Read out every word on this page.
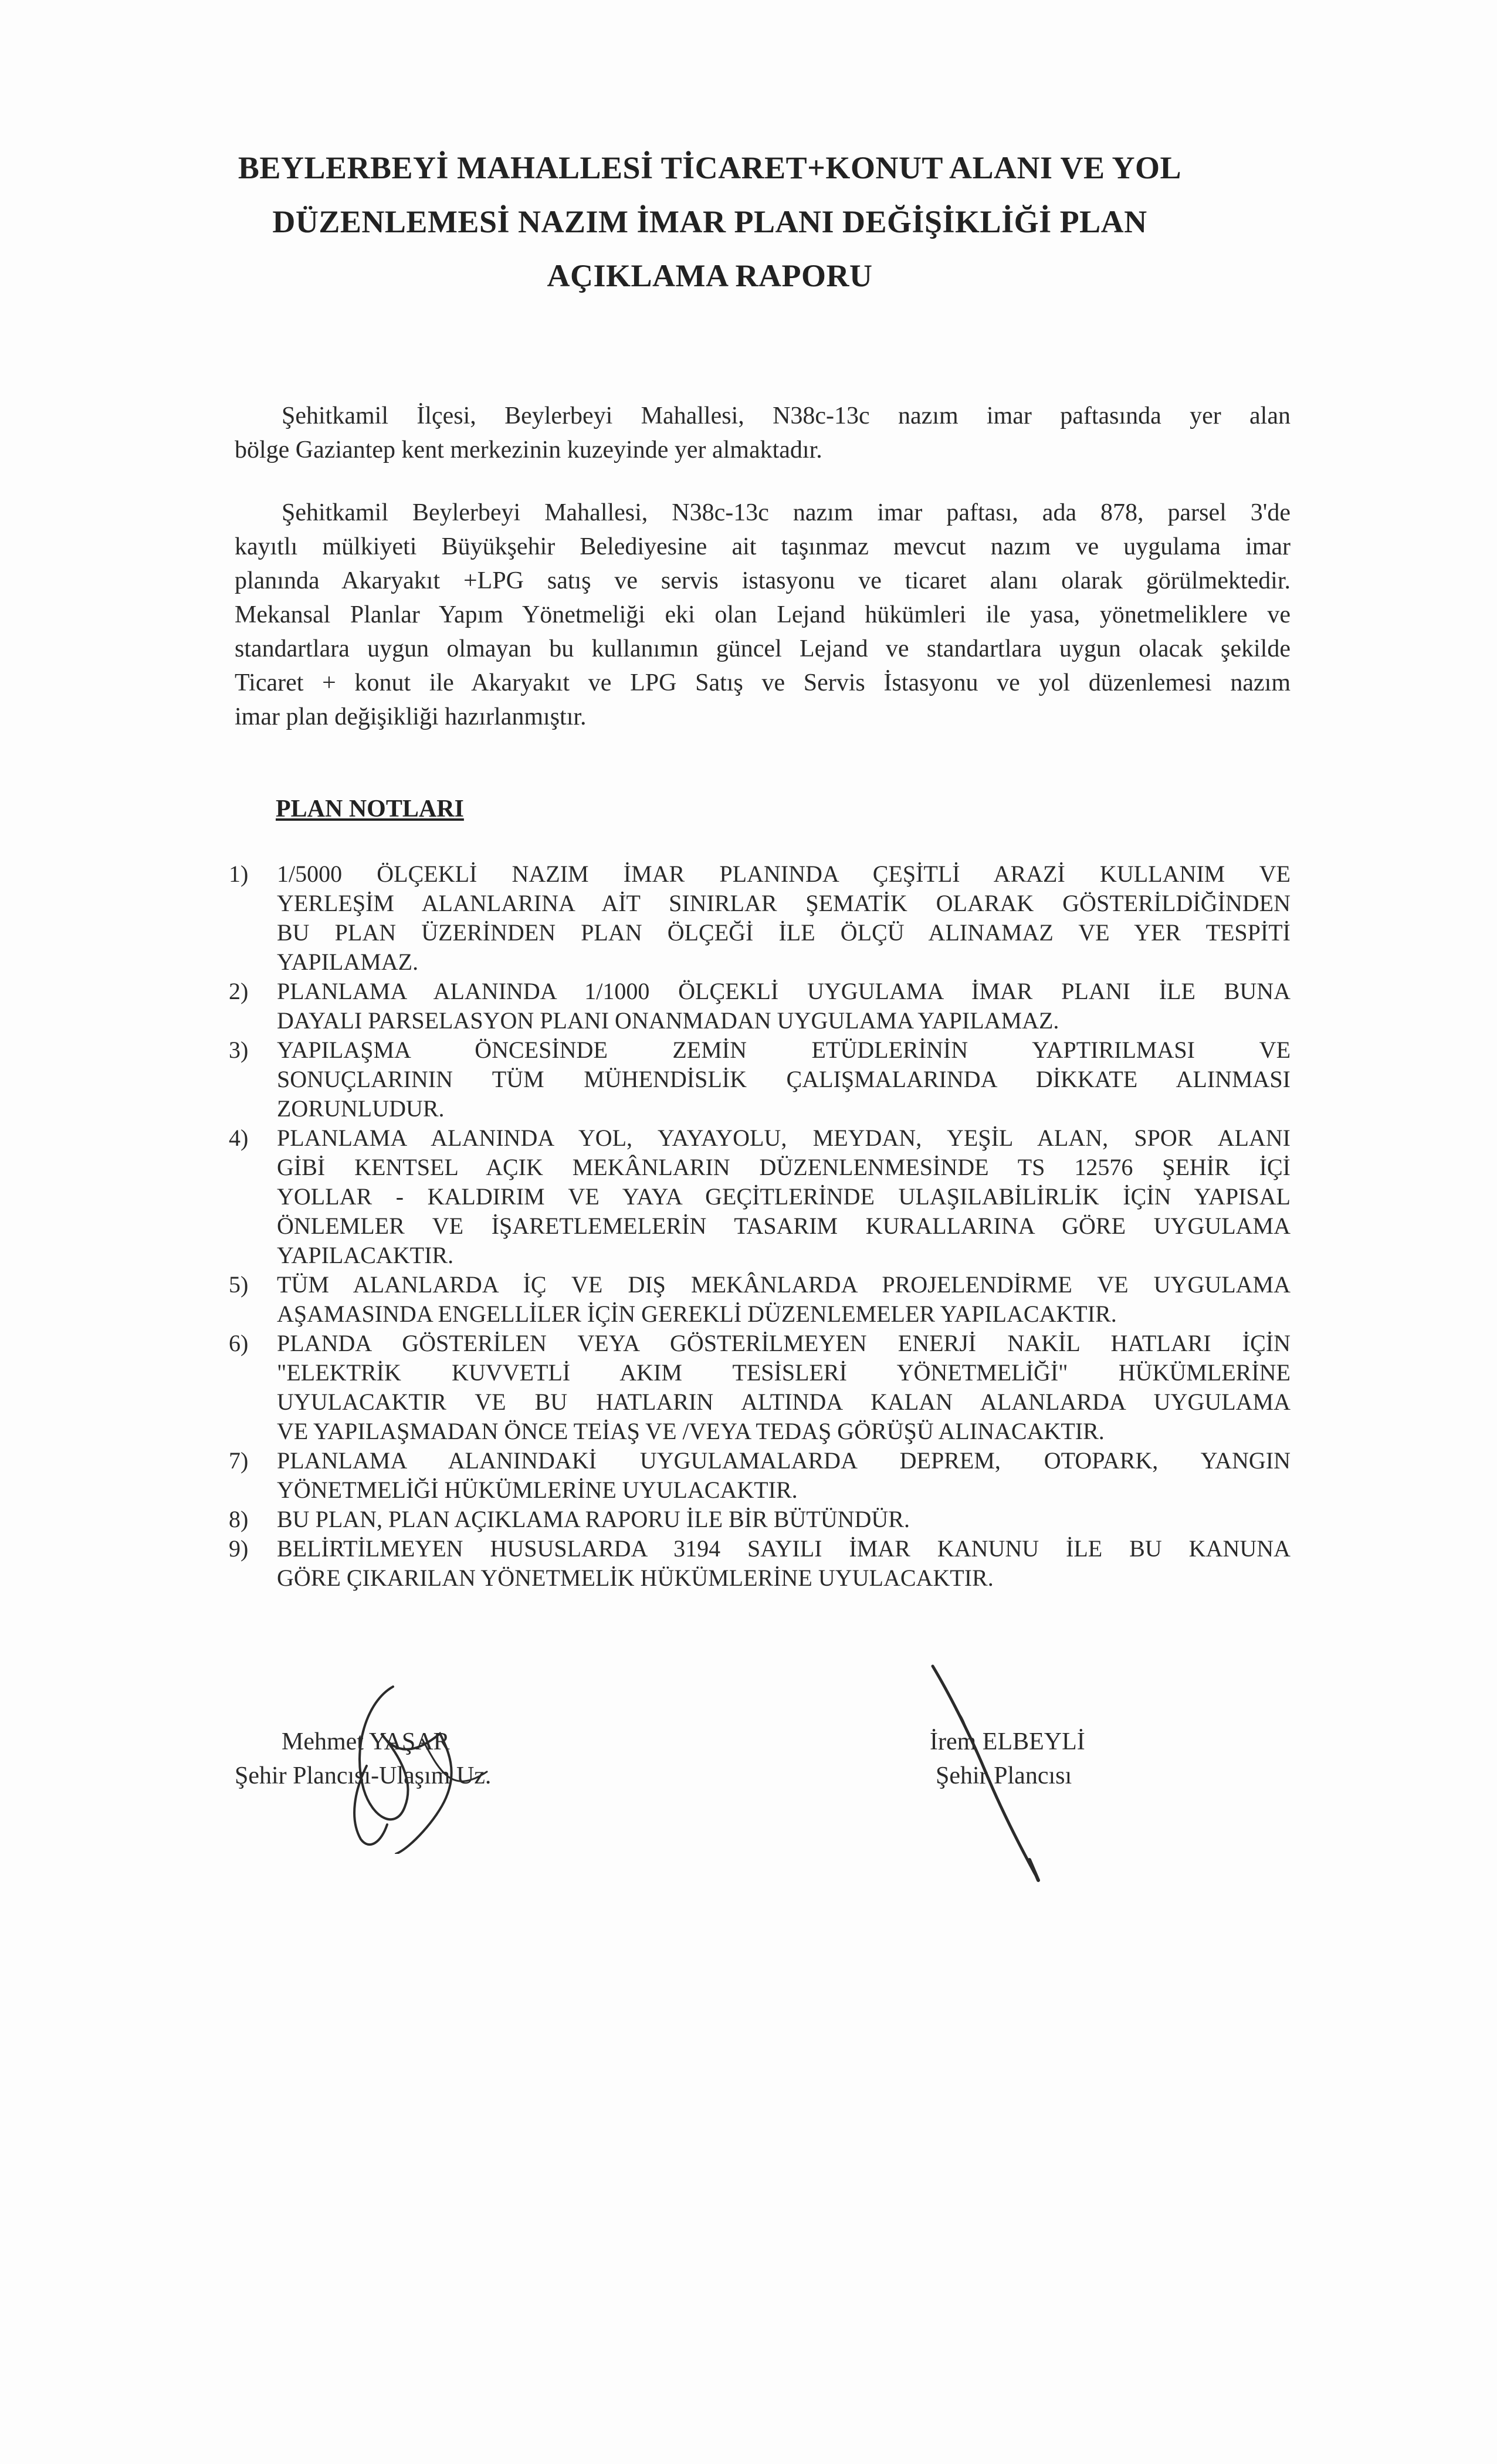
BEYLERBEYİ MAHALLESİ TİCARET+KONUT ALANI VE YOL
DÜZENLEMESİ NAZIM İMAR PLANI DEĞİŞİKLİĞİ PLAN
AÇIKLAMA RAPORU
Şehitkamil İlçesi, Beylerbeyi Mahallesi, N38c-13c nazım imar paftasında yer alan
bölge Gaziantep kent merkezinin kuzeyinde yer almaktadır.
Şehitkamil Beylerbeyi Mahallesi, N38c-13c nazım imar paftası, ada 878, parsel 3'de
kayıtlı mülkiyeti Büyükşehir Belediyesine ait taşınmaz mevcut nazım ve uygulama imar
planında Akaryakıt +LPG satış ve servis istasyonu ve ticaret alanı olarak görülmektedir.
Mekansal Planlar Yapım Yönetmeliği eki olan Lejand hükümleri ile yasa, yönetmeliklere ve
standartlara uygun olmayan bu kullanımın güncel Lejand ve standartlara uygun olacak şekilde
Ticaret + konut ile Akaryakıt ve LPG Satış ve Servis İstasyonu ve yol düzenlemesi nazım
imar plan değişikliği hazırlanmıştır.
PLAN NOTLARI
1) 1/5000 ÖLÇEKLİ NAZIM İMAR PLANINDA ÇEŞİTLİ ARAZİ KULLANIM VE
YERLEŞİM ALANLARINA AİT SINIRLAR ŞEMATİK OLARAK GÖSTERİLDİĞİNDEN
BU PLAN ÜZERİNDEN PLAN ÖLÇEĞİ İLE ÖLÇÜ ALINAMAZ VE YER TESPİTİ
YAPILAMAZ.
2) PLANLAMA ALANINDA 1/1000 ÖLÇEKLİ UYGULAMA İMAR PLANI İLE BUNA
DAYALI PARSELASYON PLANI ONANMADAN UYGULAMA YAPILAMAZ.
3) YAPILAŞMA ÖNCESİNDE ZEMİN ETÜDLERİNİN YAPTIRILMASI VE
SONUÇLARININ TÜM MÜHENDİSLİK ÇALIŞMALARINDA DİKKATE ALINMASI
ZORUNLUDUR.
4) PLANLAMA ALANINDA YOL, YAYAYOLU, MEYDAN, YEŞİL ALAN, SPOR ALANI
GİBİ KENTSEL AÇIK MEKÂNLARIN DÜZENLENMESİNDE TS 12576 ŞEHİR İÇİ
YOLLAR - KALDIRIM VE YAYA GEÇİTLERİNDE ULAŞILABİLİRLİK İÇİN YAPISAL
ÖNLEMLER VE İŞARETLEMELERİN TASARIM KURALLARINA GÖRE UYGULAMA
YAPILACAKTIR.
5) TÜM ALANLARDA İÇ VE DIŞ MEKÂNLARDA PROJELENDİRME VE UYGULAMA
AŞAMASINDA ENGELLİLER İÇİN GEREKLİ DÜZENLEMELER YAPILACAKTIR.
6) PLANDA GÖSTERİLEN VEYA GÖSTERİLMEYEN ENERJİ NAKİL HATLARI İÇİN
"ELEKTRİK KUVVETLİ AKIM TESİSLERİ YÖNETMELİĞİ" HÜKÜMLERİNE
UYULACAKTIR VE BU HATLARIN ALTINDA KALAN ALANLARDA UYGULAMA
VE YAPILAŞMADAN ÖNCE TEİAŞ VE /VEYA TEDAŞ GÖRÜŞÜ ALINACAKTIR.
7) PLANLAMA ALANINDAKİ UYGULAMALARDA DEPREM, OTOPARK, YANGIN
YÖNETMELİĞİ HÜKÜMLERİNE UYULACAKTIR.
8) BU PLAN, PLAN AÇIKLAMA RAPORU İLE BİR BÜTÜNDÜR.
9) BELİRTİLMEYEN HUSUSLARDA 3194 SAYILI İMAR KANUNU İLE BU KANUNA
GÖRE ÇIKARILAN YÖNETMELİK HÜKÜMLERİNE UYULACAKTIR.
Mehmet YAŞAR
Şehir Plancısı-Ulaşım Uz.
İrem ELBEYLİ
Şehir Plancısı
